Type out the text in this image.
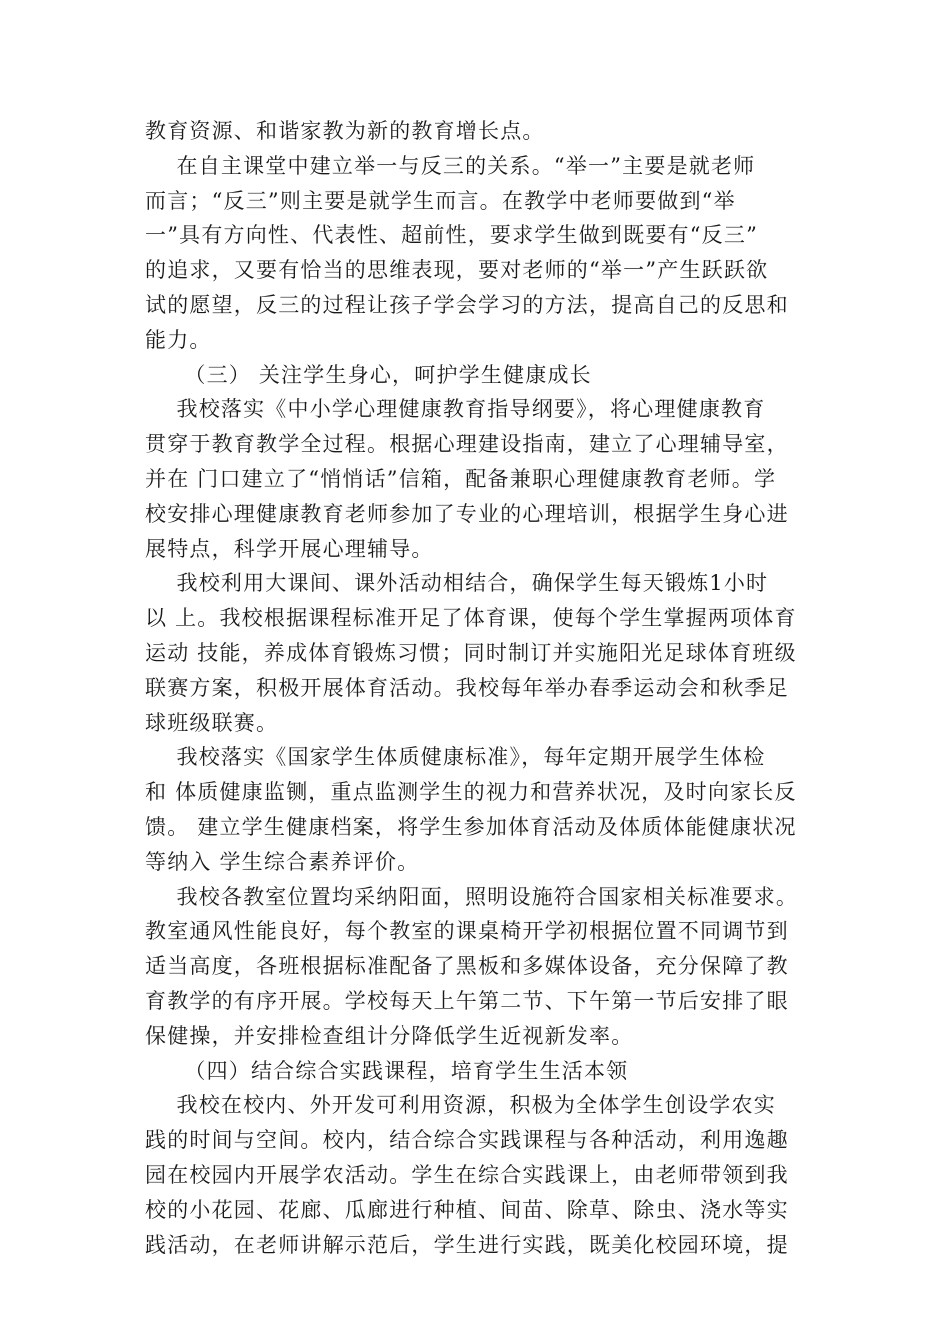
教育资源、和谐家教为新的教育增长点。
在自主课堂中建立举一与反三的关系。“举一”主要是就老师
而言；“反三”则主要是就学生而言。在教学中老师要做到“举
一”具有方向性、代表性、超前性，要求学生做到既要有“反三”
的追求，又要有恰当的思维表现，要对老师的“举一”产生跃跃欲
试的愿望，反三的过程让孩子学会学习的方法，提高自己的反思和
能力。
（三） 关注学生身心，呵护学生健康成长
我校落实《中小学心理健康教育指导纲要》，将心理健康教育
贯穿于教育教学全过程。根据心理建设指南，建立了心理辅导室，
并在 门口建立了“悄悄话”信箱，配备兼职心理健康教育老师。学
校安排心理健康教育老师参加了专业的心理培训，根据学生身心进
展特点，科学开展心理辅导。
我校利用大课间、课外活动相结合，确保学生每天锻炼1小时
以 上。我校根据课程标准开足了体育课，使每个学生掌握两项体育
运动 技能，养成体育锻炼习惯；同时制订并实施阳光足球体育班级
联赛方案，积极开展体育活动。我校每年举办春季运动会和秋季足
球班级联赛。
我校落实《国家学生体质健康标准》，每年定期开展学生体检
和 体质健康监铡，重点监测学生的视力和营养状况，及时向家长反
馈。 建立学生健康档案，将学生参加体育活动及体质体能健康状况
等纳入 学生综合素养评价。
我校各教室位置均采纳阳面，照明设施符合国家相关标准要求。
教室通风性能良好，每个教室的课桌椅开学初根据位置不同调节到
适当高度，各班根据标准配备了黑板和多媒体设备，充分保障了教
育教学的有序开展。学校每天上午第二节、下午第一节后安排了眼
保健操，并安排检查组计分降低学生近视新发率。
（四）结合综合实践课程，培育学生生活本领
我校在校内、外开发可利用资源，积极为全体学生创设学农实
践的时间与空间。校内，结合综合实践课程与各种活动，利用逸趣
园在校园内开展学农活动。学生在综合实践课上，由老师带领到我
校的小花园、花廊、瓜廊进行种植、间苗、除草、除虫、浇水等实
践活动，在老师讲解示范后，学生进行实践，既美化校园环境，提
